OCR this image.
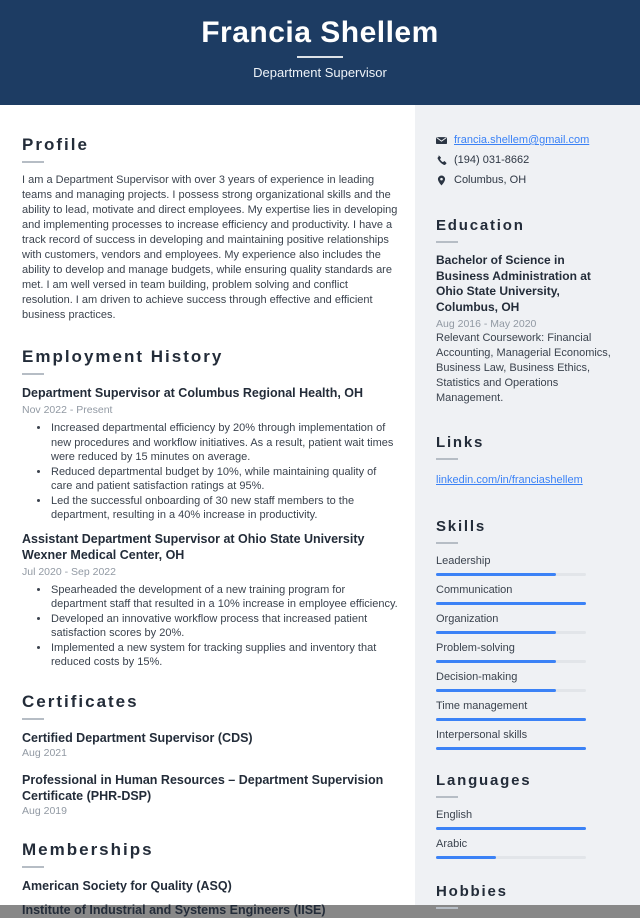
Francia Shellem
Department Supervisor
Profile
I am a Department Supervisor with over 3 years of experience in leading teams and managing projects. I possess strong organizational skills and the ability to lead, motivate and direct employees. My expertise lies in developing and implementing processes to increase efficiency and productivity. I have a track record of success in developing and maintaining positive relationships with customers, vendors and employees. My experience also includes the ability to develop and manage budgets, while ensuring quality standards are met. I am well versed in team building, problem solving and conflict resolution. I am driven to achieve success through effective and efficient business practices.
Employment History
Department Supervisor at Columbus Regional Health, OH
Nov 2022 - Present
• Increased departmental efficiency by 20% through implementation of new procedures and workflow initiatives. As a result, patient wait times were reduced by 15 minutes on average.
• Reduced departmental budget by 10%, while maintaining quality of care and patient satisfaction ratings at 95%.
• Led the successful onboarding of 30 new staff members to the department, resulting in a 40% increase in productivity.
Assistant Department Supervisor at Ohio State University Wexner Medical Center, OH
Jul 2020 - Sep 2022
• Spearheaded the development of a new training program for department staff that resulted in a 10% increase in employee efficiency.
• Developed an innovative workflow process that increased patient satisfaction scores by 20%.
• Implemented a new system for tracking supplies and inventory that reduced costs by 15%.
Certificates
Certified Department Supervisor (CDS)
Aug 2021
Professional in Human Resources – Department Supervision Certificate (PHR-DSP)
Aug 2019
Memberships
American Society for Quality (ASQ)
Institute of Industrial and Systems Engineers (IISE)
francia.shellem@gmail.com
(194) 031-8662
Columbus, OH
Education
Bachelor of Science in Business Administration at Ohio State University, Columbus, OH
Aug 2016 - May 2020
Relevant Coursework: Financial Accounting, Managerial Economics, Business Law, Business Ethics, Statistics and Operations Management.
Links
linkedin.com/in/franciashellem
Skills
Leadership
Communication
Organization
Problem-solving
Decision-making
Time management
Interpersonal skills
Languages
English
Arabic
Hobbies
